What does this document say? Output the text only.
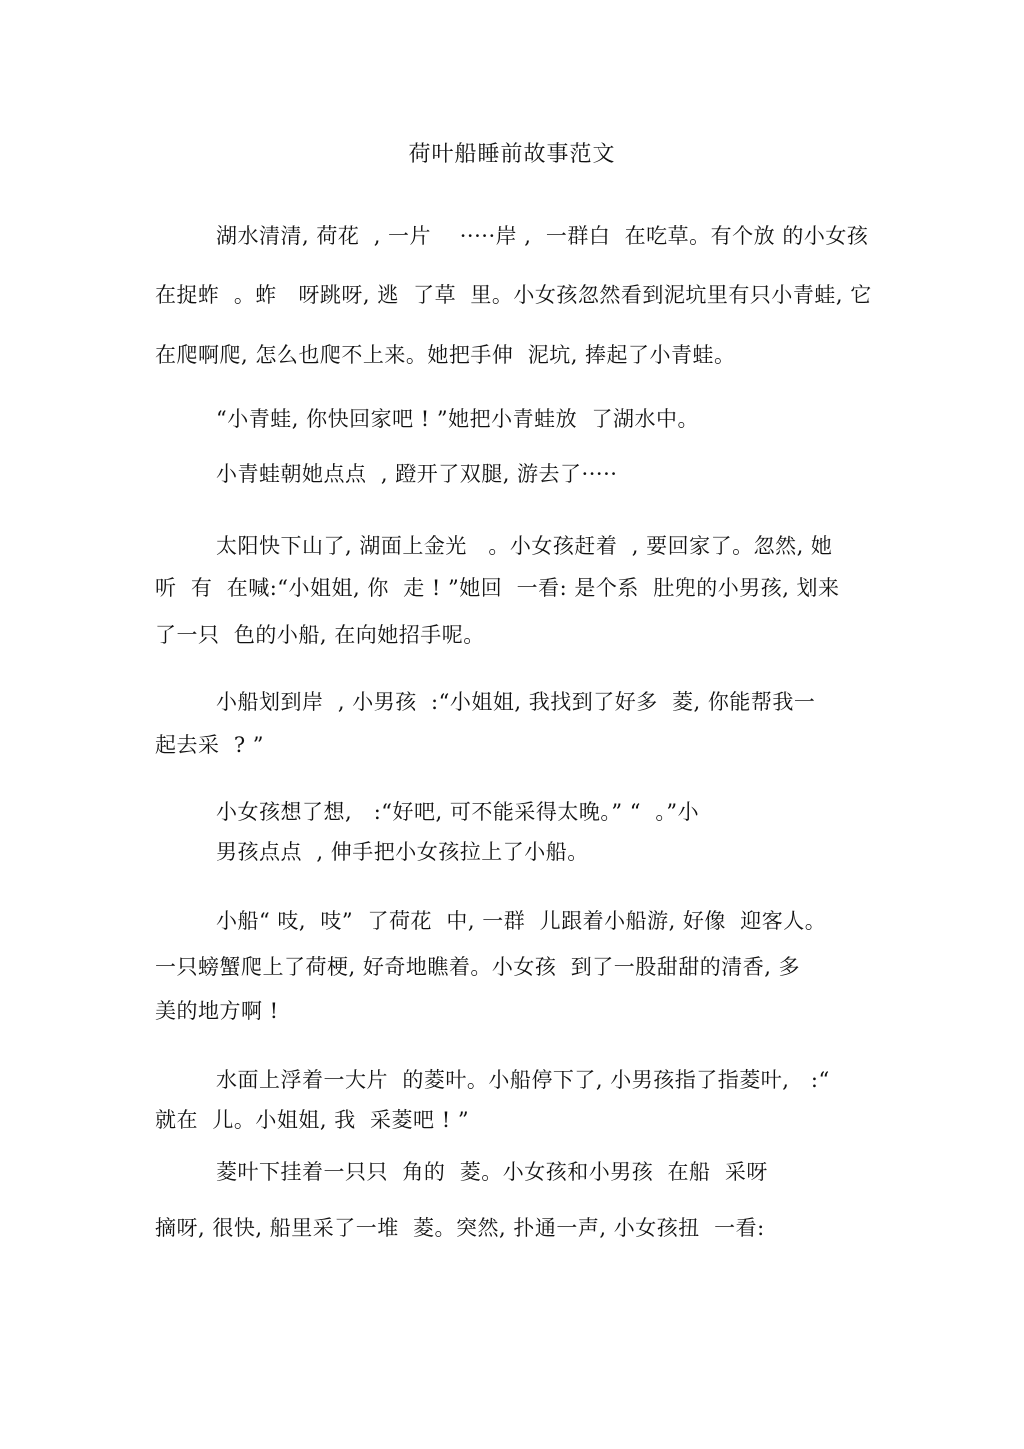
荷叶船睡前故事范文
湖水清清, 荷花  , 一片    ·····岸 ,  一群白  在吃草。有个放 的小女孩
在捉蚱  。蚱   呀跳呀, 逃  了草  里。小女孩忽然看到泥坑里有只小青蛙, 它
在爬啊爬, 怎么也爬不上来。她把手伸  泥坑, 捧起了小青蛙。
“小青蛙, 你快回家吧 ! ”她把小青蛙放  了湖水中。
小青蛙朝她点点  , 蹬开了双腿, 游去了·····
太阳快下山了, 湖面上金光   。小女孩赶着  , 要回家了。忽然, 她
听  有  在喊:“小姐姐, 你  走 ! ”她回  一看: 是个系  肚兜的小男孩, 划来
了一只  色的小船, 在向她招手呢。
小船划到岸  , 小男孩  :“小姐姐, 我找到了好多  菱, 你能帮我一
起去采  ? ”
小女孩想了想,   :“好吧, 可不能采得太晚。” “  。”小
男孩点点  , 伸手把小女孩拉上了小船。
小船“ 吱,  吱”  了荷花  中, 一群  儿跟着小船游, 好像  迎客人。
一只螃蟹爬上了荷梗, 好奇地瞧着。小女孩  到了一股甜甜的清香, 多
美的地方啊 !
水面上浮着一大片  的菱叶。小船停下了, 小男孩指了指菱叶,   :“
就在  儿。小姐姐, 我  采菱吧 ! ”
菱叶下挂着一只只  角的  菱。小女孩和小男孩  在船  采呀
摘呀, 很快, 船里采了一堆  菱。突然, 扑通一声, 小女孩扭  一看:
